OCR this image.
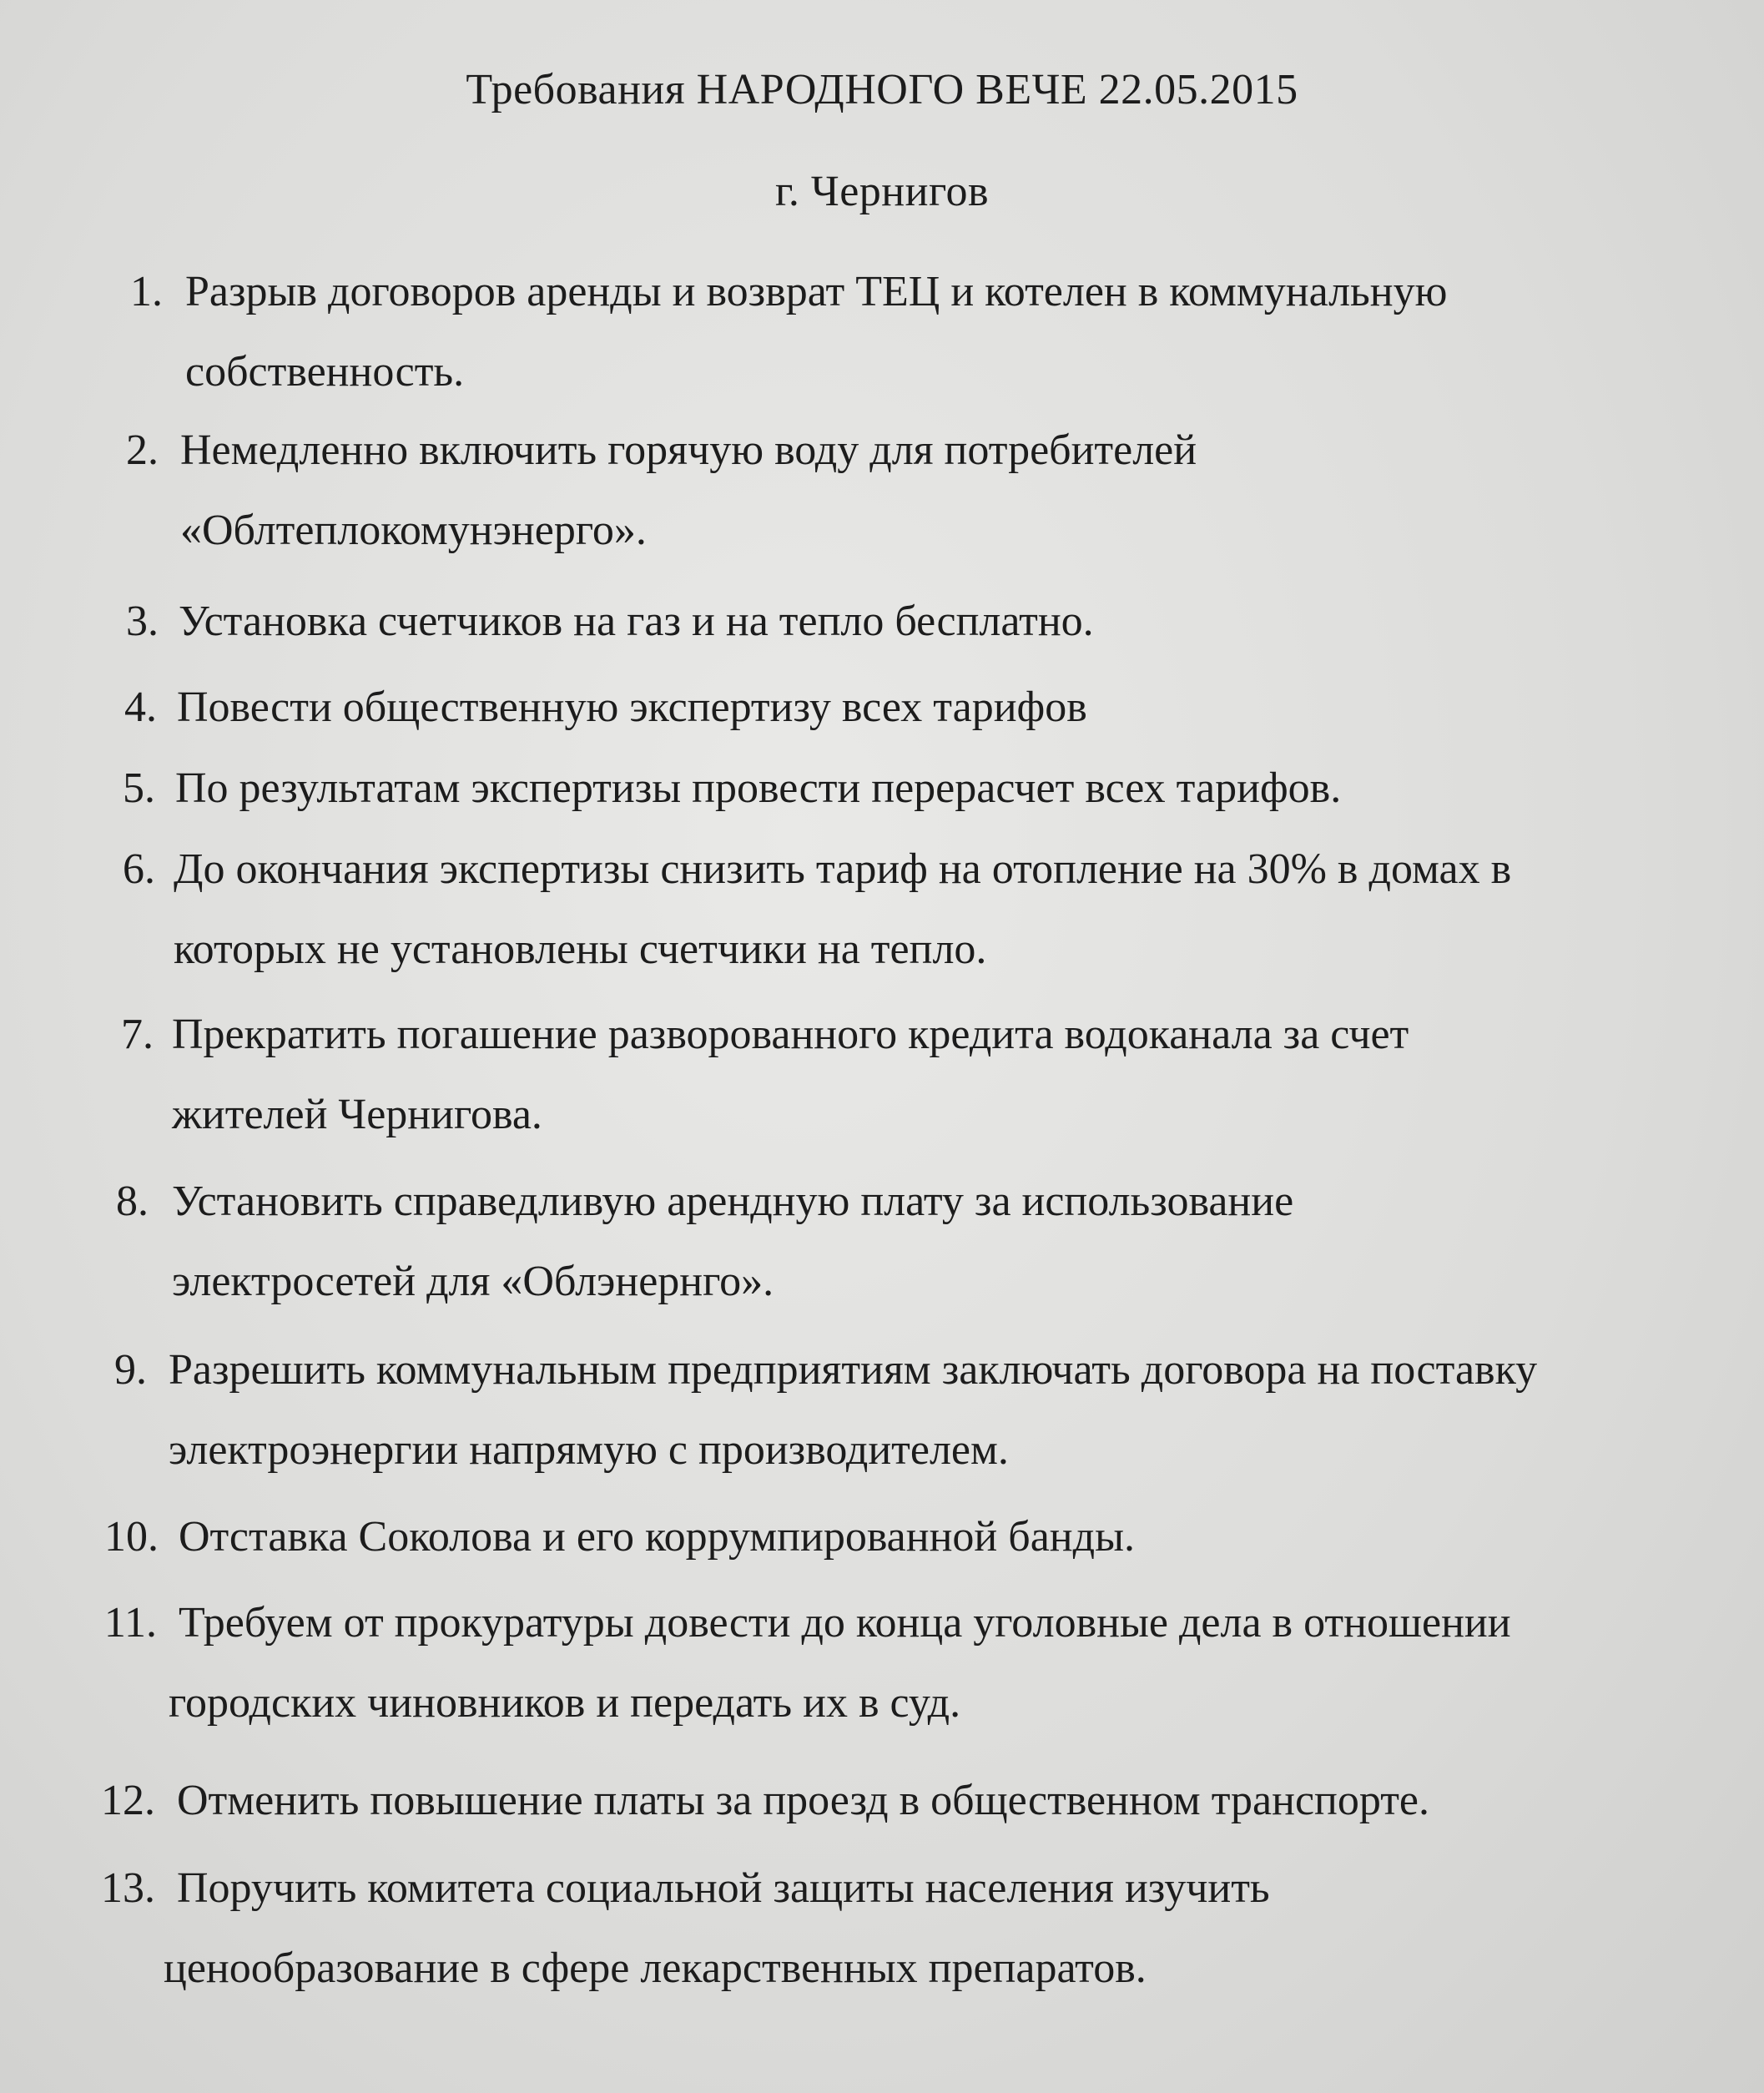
Требования НАРОДНОГО ВЕЧЕ 22.05.2015
г. Чернигов
1. Разрыв договоров аренды и возврат ТЕЦ и котелен в коммунальную
собственность.
2. Немедленно включить горячую воду для потребителей
«Облтеплокомунэнерго».
3. Установка счетчиков на газ и на тепло бесплатно.
4. Повести общественную экспертизу всех тарифов
5. По результатам экспертизы провести перерасчет всех тарифов.
6. До окончания экспертизы снизить тариф на отопление на 30% в домах в
которых не установлены счетчики на тепло.
7. Прекратить погашение разворованного кредита водоканала за счет
жителей Чернигова.
8. Установить справедливую арендную плату за использование
электросетей для «Облэнернго».
9. Разрешить коммунальным предприятиям заключать договора на поставку
электроэнергии напрямую с производителем.
10. Отставка Соколова и его коррумпированной банды.
11. Требуем от прокуратуры довести до конца уголовные дела в отношении
городских чиновников и передать их в суд.
12. Отменить повышение платы за проезд в общественном транспорте.
13. Поручить комитета социальной защиты населения изучить
ценообразование в сфере лекарственных препаратов.
